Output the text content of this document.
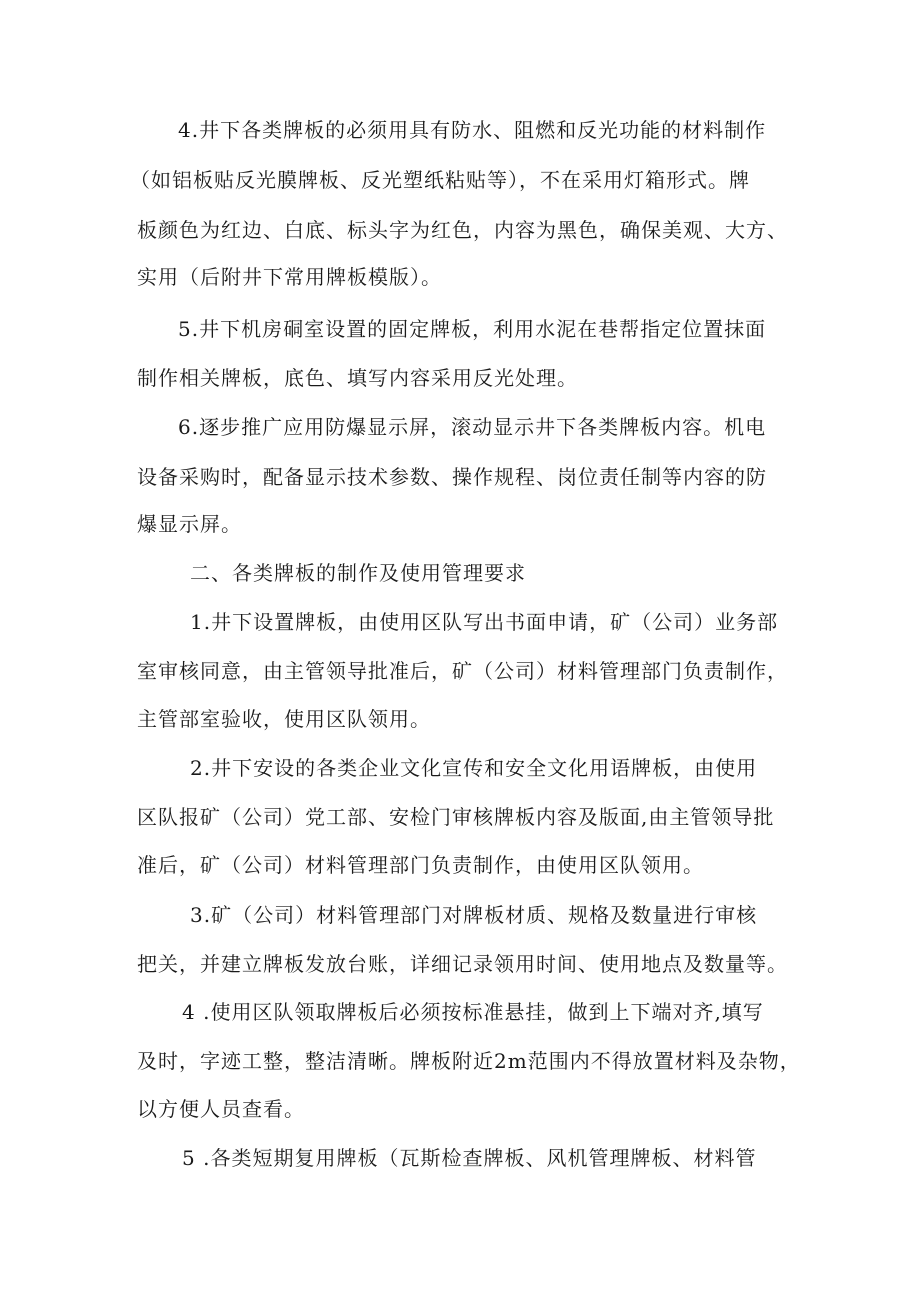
4.井下各类牌板的必须用具有防水、阻燃和反光功能的材料制作
（如铝板贴反光膜牌板、反光塑纸粘贴等），不在采用灯箱形式。牌
板颜色为红边、白底、标头字为红色，内容为黑色，确保美观、大方、
实用（后附井下常用牌板模版）。
5.井下机房硐室设置的固定牌板，利用水泥在巷帮指定位置抹面
制作相关牌板，底色、填写内容采用反光处理。
6.逐步推广应用防爆显示屏，滚动显示井下各类牌板内容。机电
设备采购时，配备显示技术参数、操作规程、岗位责任制等内容的防
爆显示屏。
二、各类牌板的制作及使用管理要求
1.井下设置牌板，由使用区队写出书面申请，矿（公司）业务部
室审核同意，由主管领导批准后，矿（公司）材料管理部门负责制作，
主管部室验收，使用区队领用。
2.井下安设的各类企业文化宣传和安全文化用语牌板，由使用
区队报矿（公司）党工部、安检门审核牌板内容及版面,由主管领导批
准后，矿（公司）材料管理部门负责制作，由使用区队领用。
3.矿（公司）材料管理部门对牌板材质、规格及数量进行审核
把关，并建立牌板发放台账，详细记录领用时间、使用地点及数量等。
4 .使用区队领取牌板后必须按标准悬挂，做到上下端对齐,填写
及时，字迹工整，整洁清晰。牌板附近2m范围内不得放置材料及杂物，
以方便人员查看。
5 .各类短期复用牌板（瓦斯检查牌板、风机管理牌板、材料管
